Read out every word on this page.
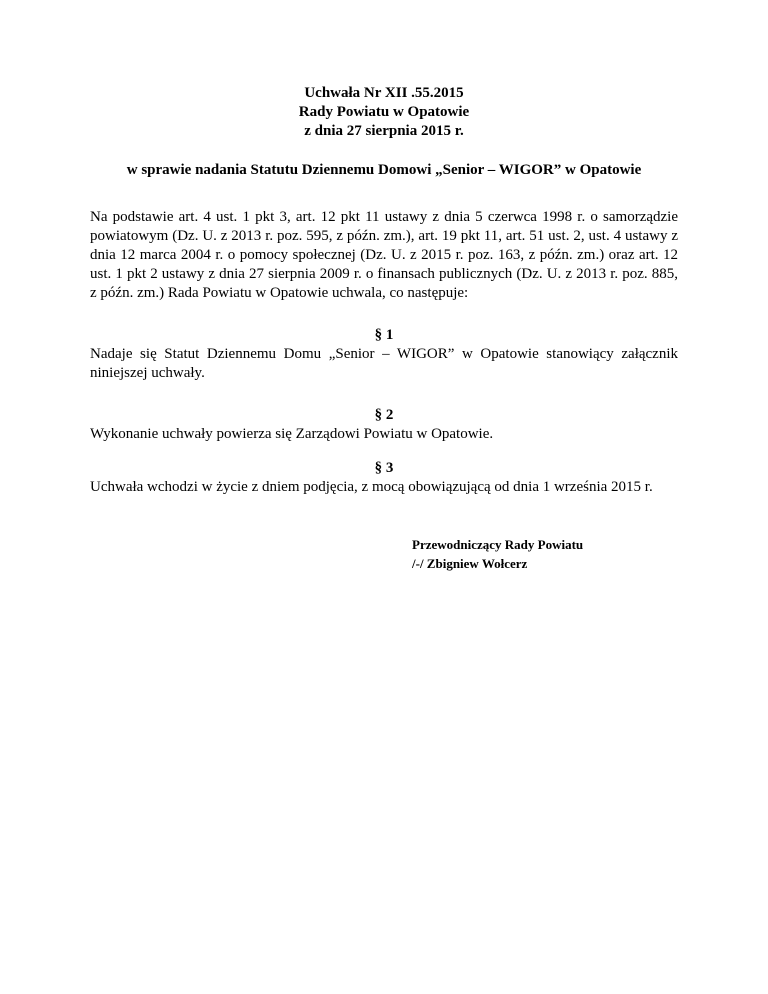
Uchwała Nr XII .55.2015
Rady Powiatu w Opatowie
z dnia 27 sierpnia 2015 r.
w sprawie nadania Statutu Dziennemu Domowi „Senior – WIGOR” w Opatowie
Na podstawie art. 4 ust. 1 pkt 3, art. 12 pkt 11 ustawy z dnia 5 czerwca 1998 r. o samorządzie powiatowym (Dz. U. z 2013 r. poz. 595, z późn. zm.), art. 19 pkt 11, art. 51 ust. 2, ust. 4 ustawy z dnia 12 marca 2004 r. o pomocy społecznej (Dz. U. z 2015 r. poz. 163, z późn. zm.) oraz art. 12 ust. 1 pkt 2 ustawy z dnia 27 sierpnia 2009 r. o finansach publicznych (Dz. U. z 2013 r. poz. 885, z późn. zm.) Rada Powiatu w Opatowie uchwala, co następuje:
§ 1
Nadaje się Statut Dziennemu Domu „Senior – WIGOR” w Opatowie stanowiący załącznik niniejszej uchwały.
§ 2
Wykonanie uchwały powierza się Zarządowi Powiatu w Opatowie.
§ 3
Uchwała wchodzi w życie z dniem podjęcia, z mocą obowiązującą od dnia 1 września 2015 r.
Przewodniczący Rady Powiatu
/-/ Zbigniew Wołcerz
